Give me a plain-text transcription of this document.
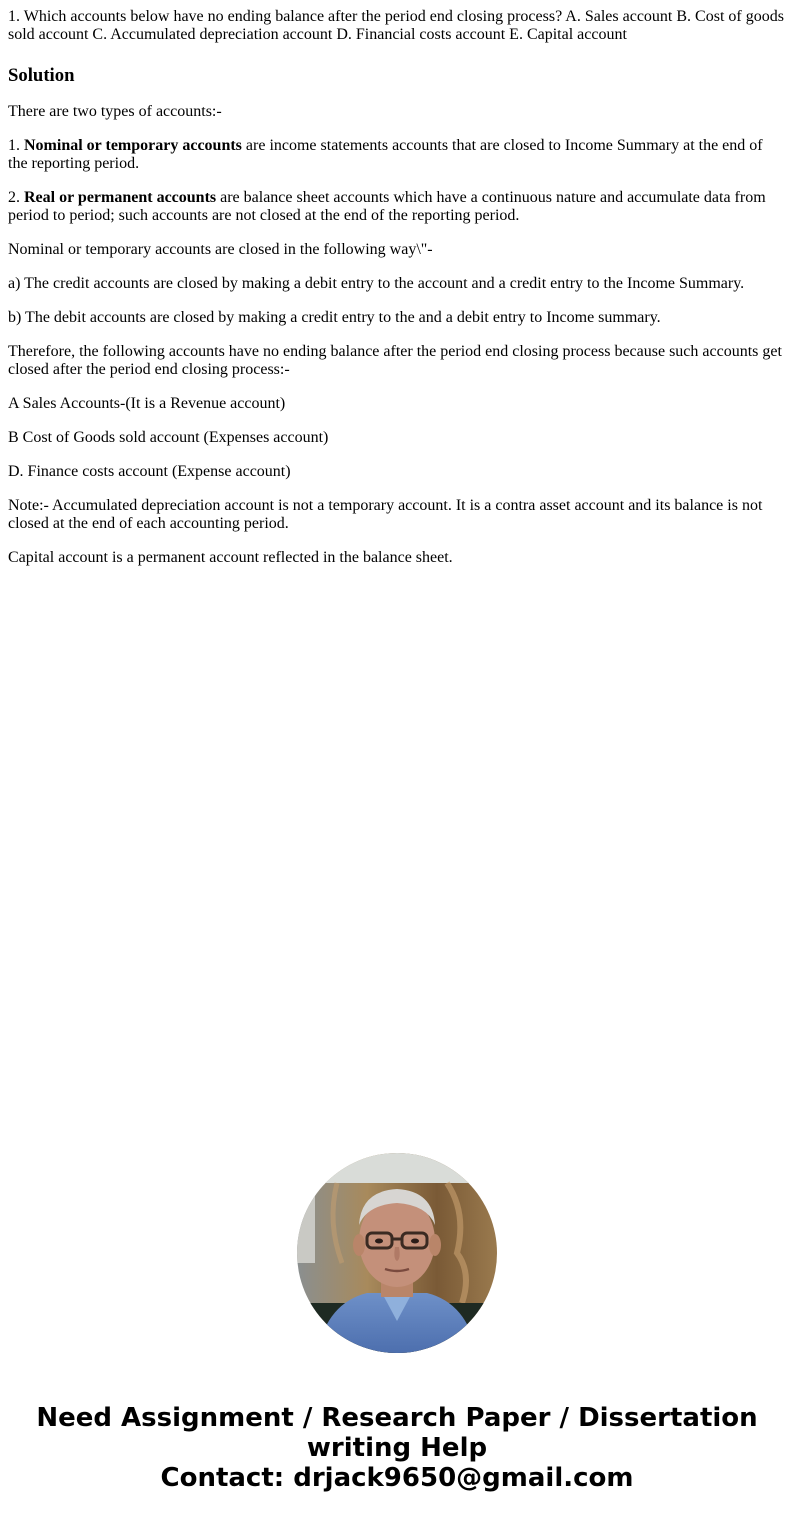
1. Which accounts below have no ending balance after the period end closing process? A. Sales account B. Cost of goods sold account C. Accumulated depreciation account D. Financial costs account E. Capital account

Solution

There are two types of accounts:-

1. Nominal or temporary accounts are income statements accounts that are closed to Income Summary at the end of the reporting period.

2. Real or permanent accounts are balance sheet accounts which have a continuous nature and accumulate data from period to period; such accounts are not closed at the end of the reporting period.

Nominal or temporary accounts are closed in the following way\"-

a) The credit accounts are closed by making a debit entry to the account and a credit entry to the Income Summary.

b) The debit accounts are closed by making a credit entry to the and a debit entry to Income summary.

Therefore, the following accounts have no ending balance after the period end closing process because such accounts get closed after the period end closing process:-

A Sales Accounts-(It is a Revenue account)

B Cost of Goods sold account (Expenses account)

D. Finance costs account (Expense account)

Note:- Accumulated depreciation account is not a temporary account. It is a contra asset account and its balance is not closed at the end of each accounting period.

Capital account is a permanent account reflected in the balance sheet.

Need Assignment / Research Paper / Dissertation
writing Help
Contact: drjack9650@gmail.com
